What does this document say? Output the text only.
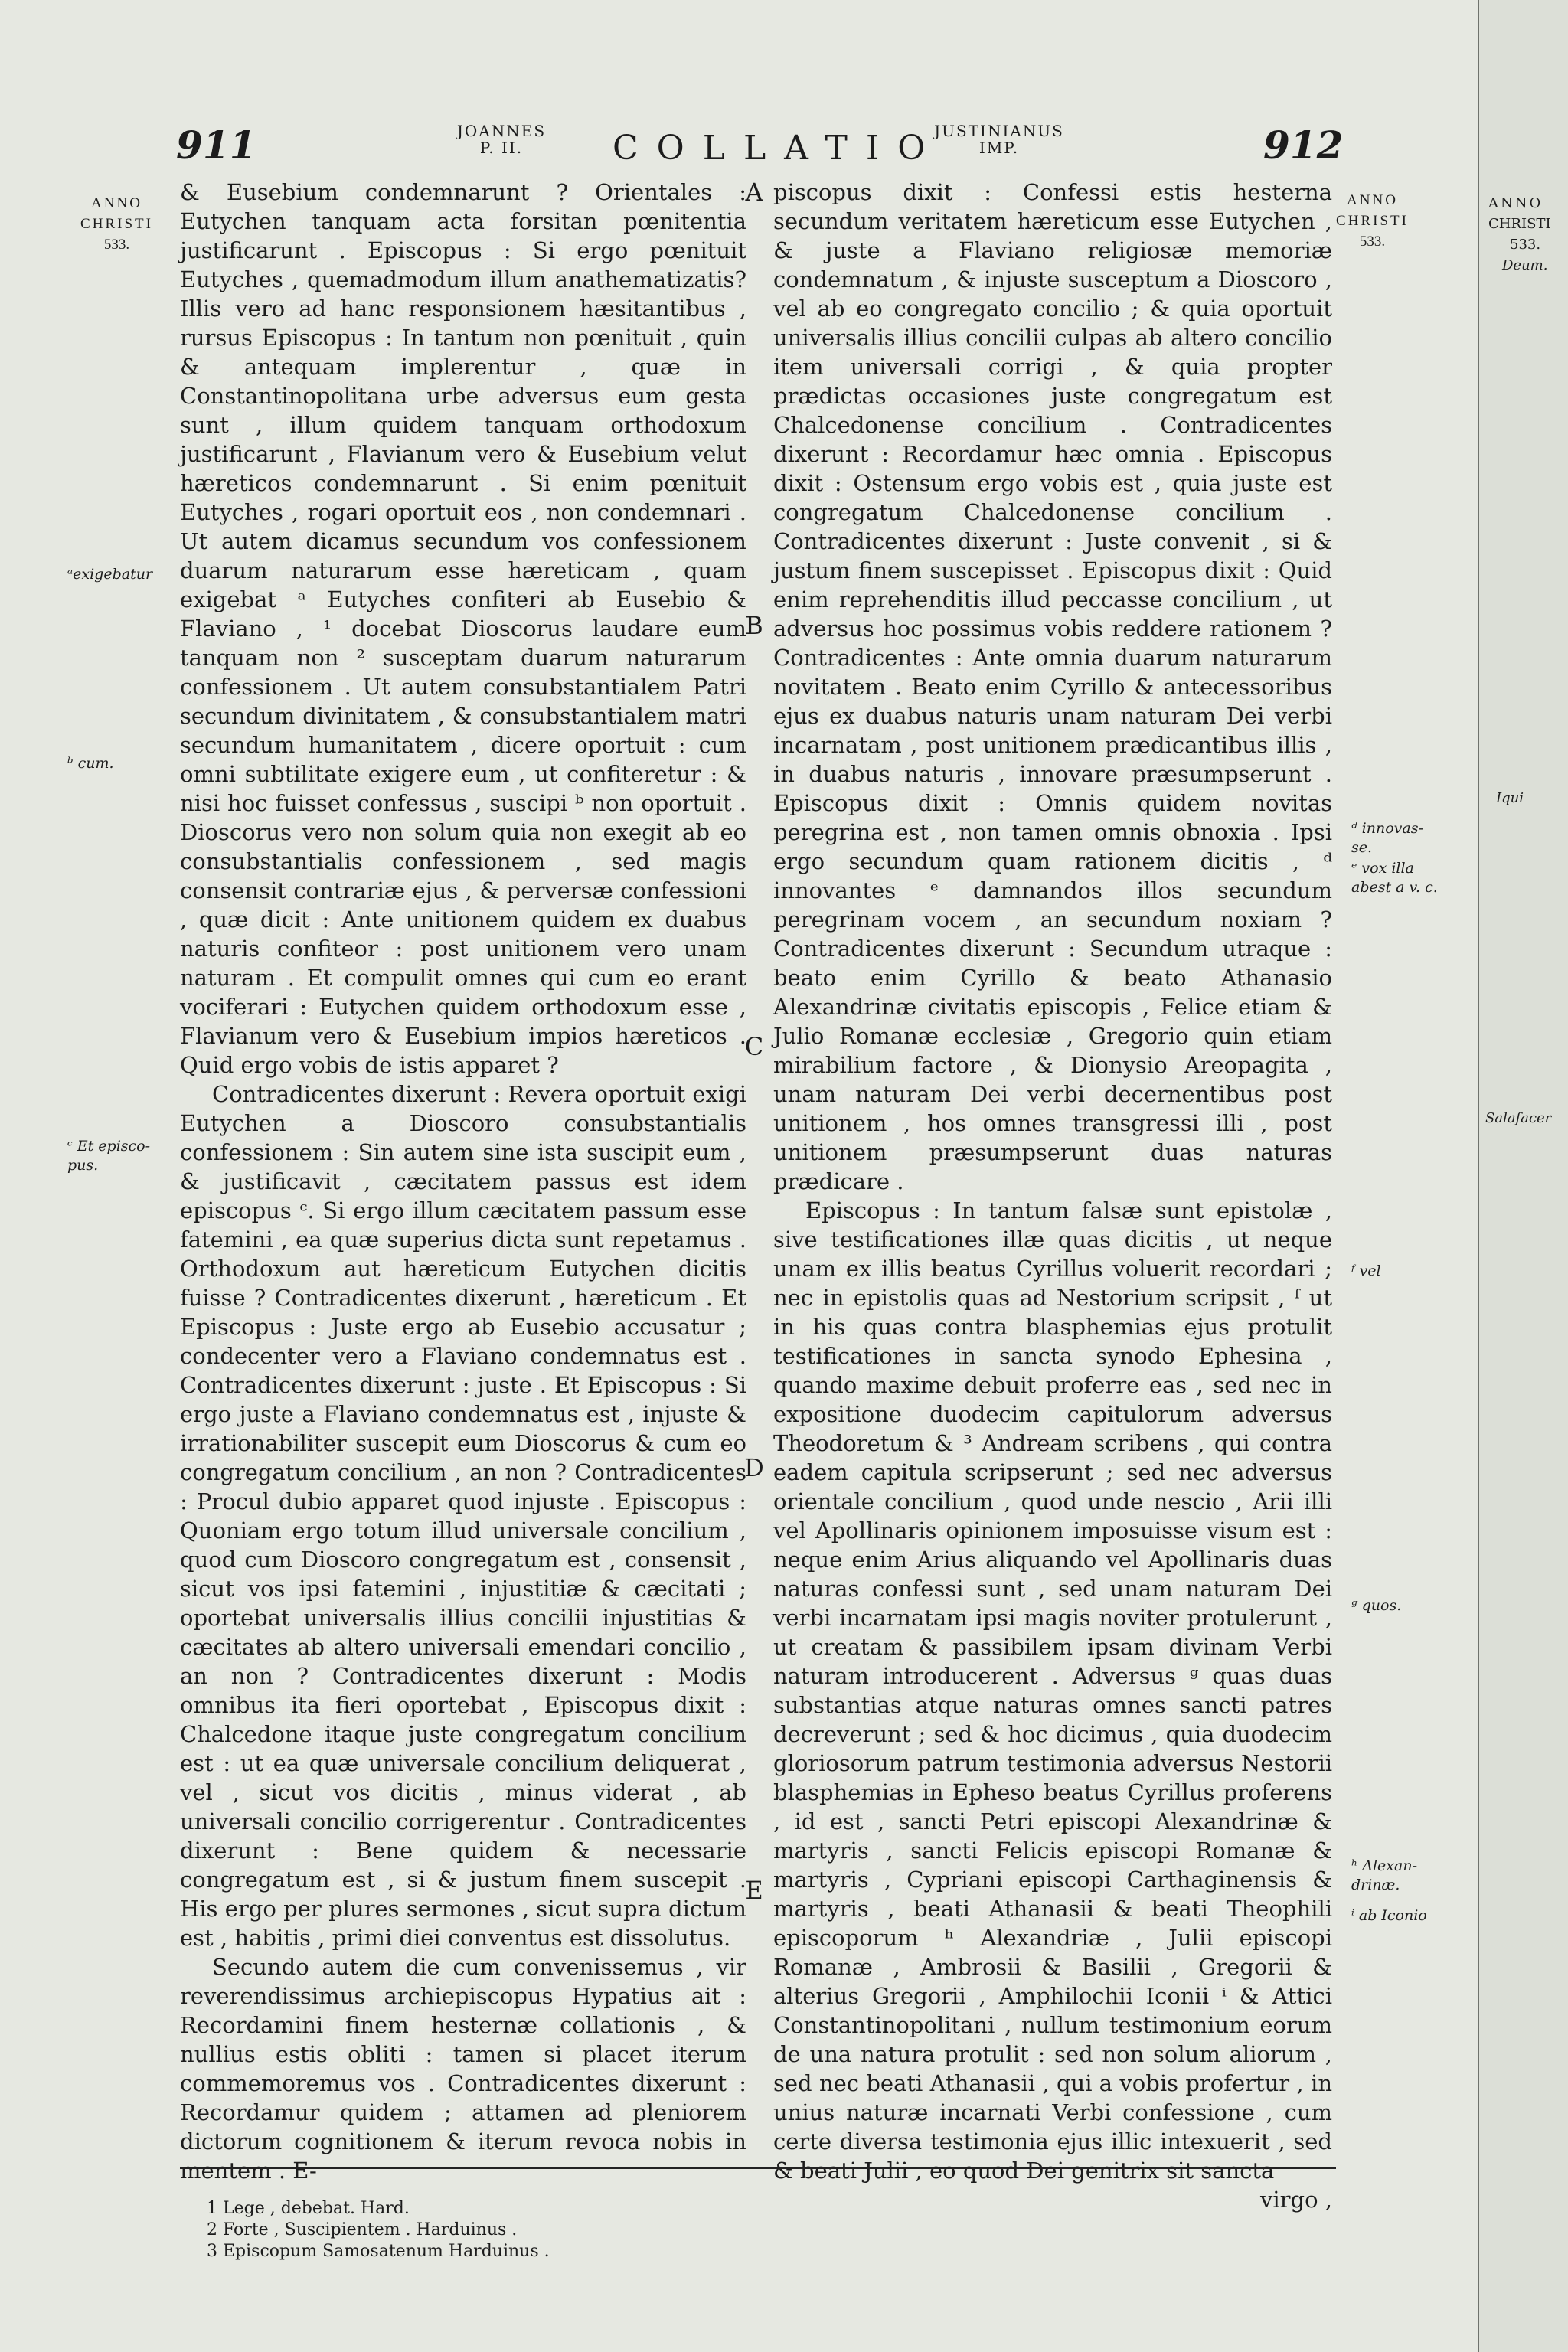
911	JOANNES
P. II.	COLLATIO
JUSTINIANUS
IMP.	912
ANNO
CHRISTI
533.
ᵃexigebatur
ᵇ cum.
ᶜ Et episco-
pus.
ANNO
CHRISTI
533.
ᵈ innovas-
se.
ᵉ vox illa
abest a v. c.
ᶠ vel
ᵍ quos.
ʰ Alexan-
drinæ.
ⁱ ab Iconio
A
B
C
D
E

& Eusebium condemnarunt ? Orientales : Eutychen tanquam acta forsitan pœnitentia justificarunt . Episcopus : Si ergo pœnituit Eutyches , quemadmodum illum anathematizatis? Illis vero ad hanc responsionem hæsitantibus , rursus Episcopus : In tantum non pœnituit , quin & antequam implerentur , quæ in Constantinopolitana urbe adversus eum gesta sunt , illum quidem tanquam orthodoxum justificarunt , Flavianum vero & Eusebium velut hæreticos condemnarunt . Si enim pœnituit Eutyches , rogari oportuit eos , non condemnari . Ut autem dicamus secundum vos confessionem duarum naturarum esse hæreticam , quam exigebat ᵃ Eutyches confiteri ab Eusebio & Flaviano , ¹ docebat Dioscorus laudare eum tanquam non ² susceptam duarum naturarum confessionem . Ut autem consubstantialem Patri secundum divinitatem , & consubstantialem matri secundum humanitatem , dicere oportuit : cum omni subtilitate exigere eum , ut confiteretur : & nisi hoc fuisset confessus , suscipi ᵇ non oportuit . Dioscorus vero non solum quia non exegit ab eo consubstantialis confessionem , sed magis consensit contrariæ ejus , & perversæ confessioni , quæ dicit : Ante unitionem quidem ex duabus naturis confiteor : post unitionem vero unam naturam . Et compulit omnes qui cum eo erant vociferari : Eutychen quidem orthodoxum esse , Flavianum vero & Eusebium impios hæreticos . Quid ergo vobis de istis apparet ?

Contradicentes dixerunt : Revera oportuit exigi Eutychen a Dioscoro consubstantialis confessionem : Sin autem sine ista suscipit eum , & justificavit , cæcitatem passus est idem episcopus ᶜ. Si ergo illum cæcitatem passum esse fatemini , ea quæ superius dicta sunt repetamus . Orthodoxum aut hæreticum Eutychen dicitis fuisse ? Contradicentes dixerunt , hæreticum . Et Episcopus : Juste ergo ab Eusebio accusatur ; condecenter vero a Flaviano condemnatus est . Contradicentes dixerunt : juste . Et Episcopus : Si ergo juste a Flaviano condemnatus est , injuste & irrationabiliter suscepit eum Dioscorus & cum eo congregatum concilium , an non ? Contradicentes : Procul dubio apparet quod injuste . Episcopus : Quoniam ergo totum illud universale concilium , quod cum Dioscoro congregatum est , consensit , sicut vos ipsi fatemini , injustitiæ & cæcitati ; oportebat universalis illius concilii injustitias & cæcitates ab altero universali emendari concilio , an non ? Contradicentes dixerunt : Modis omnibus ita fieri oportebat , Episcopus dixit : Chalcedone itaque juste congregatum concilium est : ut ea quæ universale concilium deliquerat , vel , sicut vos dicitis , minus viderat , ab universali concilio corrigerentur . Contradicentes dixerunt : Bene quidem & necessarie congregatum est , si & justum finem suscepit . His ergo per plures sermones , sicut supra dictum est , habitis , primi diei conventus est dissolutus.

Secundo autem die cum convenissemus , vir reverendissimus archiepiscopus Hypatius ait : Recordamini finem hesternæ collationis , & nullius estis obliti : tamen si placet iterum commemoremus vos . Contradicentes dixerunt : Recordamur quidem ; attamen ad pleniorem dictorum cognitionem & iterum revoca nobis in mentem . E-

piscopus dixit : Confessi estis hesterna secundum veritatem hæreticum esse Eutychen , & juste a Flaviano religiosæ memoriæ condemnatum , & injuste susceptum a Dioscoro , vel ab eo congregato concilio ; & quia oportuit universalis illius concilii culpas ab altero concilio item universali corrigi , & quia propter prædictas occasiones juste congregatum est Chalcedonense concilium . Contradicentes dixerunt : Recordamur hæc omnia . Episcopus dixit : Ostensum ergo vobis est , quia juste est congregatum Chalcedonense concilium . Contradicentes dixerunt : Juste convenit , si & justum finem suscepisset . Episcopus dixit : Quid enim reprehenditis illud peccasse concilium , ut adversus hoc possimus vobis reddere rationem ? Contradicentes : Ante omnia duarum naturarum novitatem . Beato enim Cyrillo & antecessoribus ejus ex duabus naturis unam naturam Dei verbi incarnatam , post unitionem prædicantibus illis , in duabus naturis , innovare præsumpserunt . Episcopus dixit : Omnis quidem novitas peregrina est , non tamen omnis obnoxia . Ipsi ergo secundum quam rationem dicitis , ᵈ innovantes ᵉ damnandos illos secundum peregrinam vocem , an secundum noxiam ? Contradicentes dixerunt : Secundum utraque : beato enim Cyrillo & beato Athanasio Alexandrinæ civitatis episcopis , Felice etiam & Julio Romanæ ecclesiæ , Gregorio quin etiam mirabilium factore , & Dionysio Areopagita , unam naturam Dei verbi decernentibus post unitionem , hos omnes transgressi illi , post unitionem præsumpserunt duas naturas prædicare .

Episcopus : In tantum falsæ sunt epistolæ , sive testificationes illæ quas dicitis , ut neque unam ex illis beatus Cyrillus voluerit recordari ; nec in epistolis quas ad Nestorium scripsit , ᶠ ut in his quas contra blasphemias ejus protulit testificationes in sancta synodo Ephesina , quando maxime debuit proferre eas , sed nec in expositione duodecim capitulorum adversus Theodoretum & ³ Andream scribens , qui contra eadem capitula scripserunt ; sed nec adversus orientale concilium , quod unde nescio , Arii illi vel Apollinaris opinionem imposuisse visum est : neque enim Arius aliquando vel Apollinaris duas naturas confessi sunt , sed unam naturam Dei verbi incarnatam ipsi magis noviter protulerunt , ut creatam & passibilem ipsam divinam Verbi naturam introducerent . Adversus ᵍ quas duas substantias atque naturas omnes sancti patres decreverunt ; sed & hoc dicimus , quia duodecim gloriosorum patrum testimonia adversus Nestorii blasphemias in Ephеso beatus Cyrillus proferens , id est , sancti Petri episcopi Alexandrinæ & martyris , sancti Felicis episcopi Romanæ & martyris , Cypriani episcopi Carthaginensis & martyris , beati Athanasii & beati Theophili episcoporum ʰ Alexandriæ , Julii episcopi Romanæ , Ambrosii & Basilii , Gregorii & alterius Gregorii , Amphilochii Iconii ⁱ & Attici Constantinopolitani , nullum testimonium eorum de una natura protulit : sed non solum aliorum , sed nec beati Athanasii , qui a vobis profertur , in unius naturæ incarnati Verbi confessione , cum certe diversa testimonia ejus illic intexuerit , sed & beati Julii , eo quod Dei genitrix sit sancta

virgo ,

1 Lege , debebat. Hard.
2 Forte , Suscipientem . Harduinus .
3 Episcopum Samosatenum Harduinus .
ANNO
CHRISTI
533.
Deum.
Iqui
Salafacer
